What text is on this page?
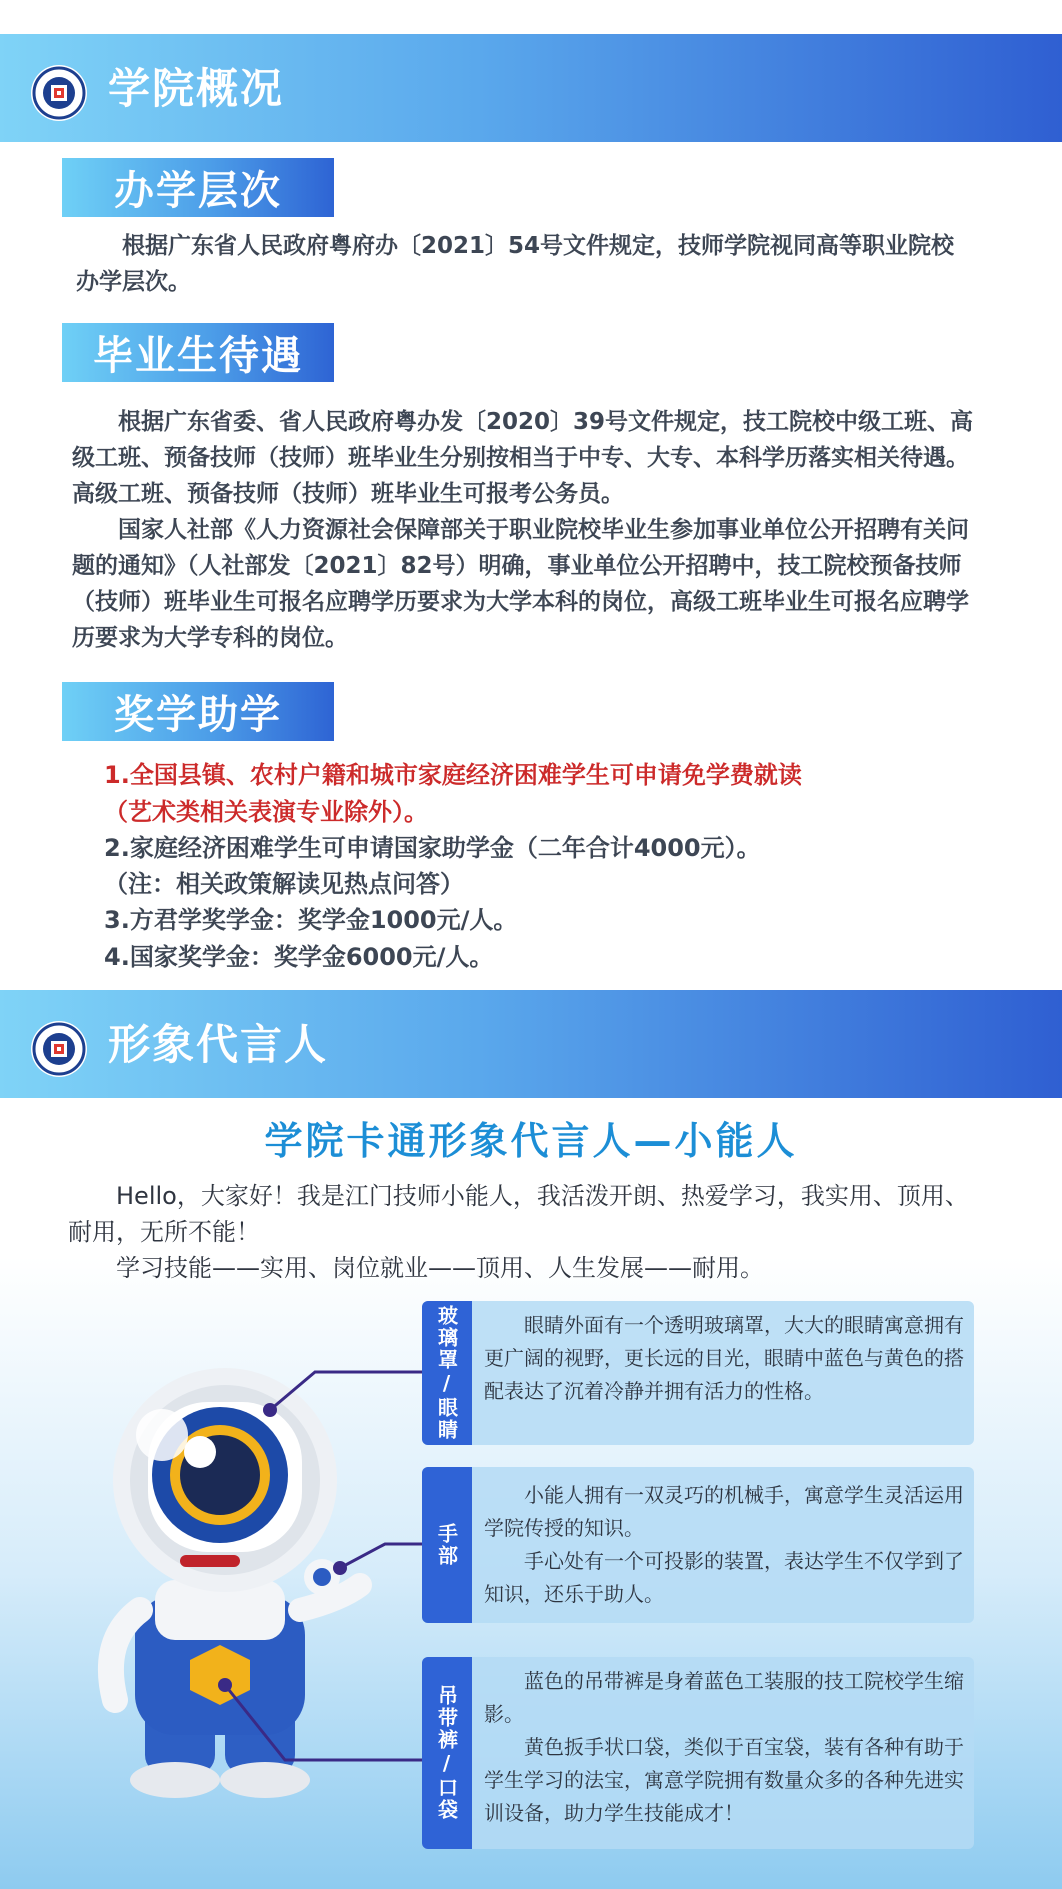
学院概况
办学层次

根据广东省人民政府粤府办〔2021〕54号文件规定，技师学院视同高等职业院校办学层次。

毕业生待遇

根据广东省委、省人民政府粤办发〔2020〕39号文件规定，技工院校中级工班、高级工班、预备技师（技师）班毕业生分别按相当于中专、大专、本科学历落实相关待遇。高级工班、预备技师（技师）班毕业生可报考公务员。

国家人社部《人力资源社会保障部关于职业院校毕业生参加事业单位公开招聘有关问题的通知》（人社部发〔2021〕82号）明确，事业单位公开招聘中，技工院校预备技师（技师）班毕业生可报名应聘学历要求为大学本科的岗位，高级工班毕业生可报名应聘学历要求为大学专科的岗位。

奖学助学
1.全国县镇、农村户籍和城市家庭经济困难学生可申请免学费就读
（艺术类相关表演专业除外）。
2.家庭经济困难学生可申请国家助学金（二年合计4000元）。
（注：相关政策解读见热点问答）
3.方君学奖学金：奖学金1000元/人。
4.国家奖学金：奖学金6000元/人。
形象代言人
学院卡通形象代言人—小能人

Hello，大家好！我是江门技师小能人，我活泼开朗、热爱学习，我实用、顶用、耐用，无所不能！

学习技能——实用、岗位就业——顶用、人生发展——耐用。

玻璃罩/眼睛	眼睛外面有一个透明玻璃罩，大大的眼睛寓意拥有更广阔的视野，更长远的目光，眼睛中蓝色与黄色的搭配表达了沉着冷静并拥有活力的性格。

手部

小能人拥有一双灵巧的机械手，寓意学生灵活运用学院传授的知识。

手心处有一个可投影的装置，表达学生不仅学到了知识，还乐于助人。

吊带裤/口袋

蓝色的吊带裤是身着蓝色工装服的技工院校学生缩影。

黄色扳手状口袋，类似于百宝袋，装有各种有助于学生学习的法宝，寓意学院拥有数量众多的各种先进实训设备，助力学生技能成才！
